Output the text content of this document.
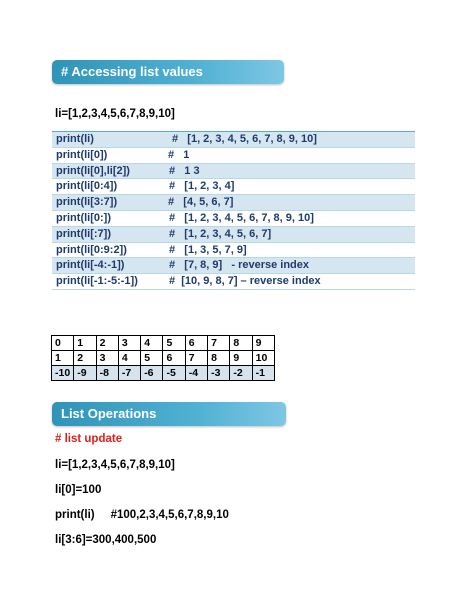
# Accessing list values
li=[1,2,3,4,5,6,7,8,9,10]
print(li)	#   [1, 2, 3, 4, 5, 6, 7, 8, 9, 10]
print(li[0])	#   1
print(li[0],li[2])	#   1 3
print(li[0:4])	#   [1, 2, 3, 4]
print(li[3:7])	#   [4, 5, 6, 7]
print(li[0:])	#   [1, 2, 3, 4, 5, 6, 7, 8, 9, 10]
print(li[:7])	#   [1, 2, 3, 4, 5, 6, 7]
print(li[0:9:2])	#   [1, 3, 5, 7, 9]
print(li[-4:-1])	#   [7, 8, 9]   - reverse index
print(li[-1:-5:-1])	#  [10, 9, 8, 7] – reverse index
0	1	2	3	4	5	6	7	8	9
1	2	3	4	5	6	7	8	9	10
-10	-9	-8	-7	-6	-5	-4	-3	-2	-1
List Operations
# list update
li=[1,2,3,4,5,6,7,8,9,10]
li[0]=100
print(li)     #100,2,3,4,5,6,7,8,9,10
li[3:6]=300,400,500
